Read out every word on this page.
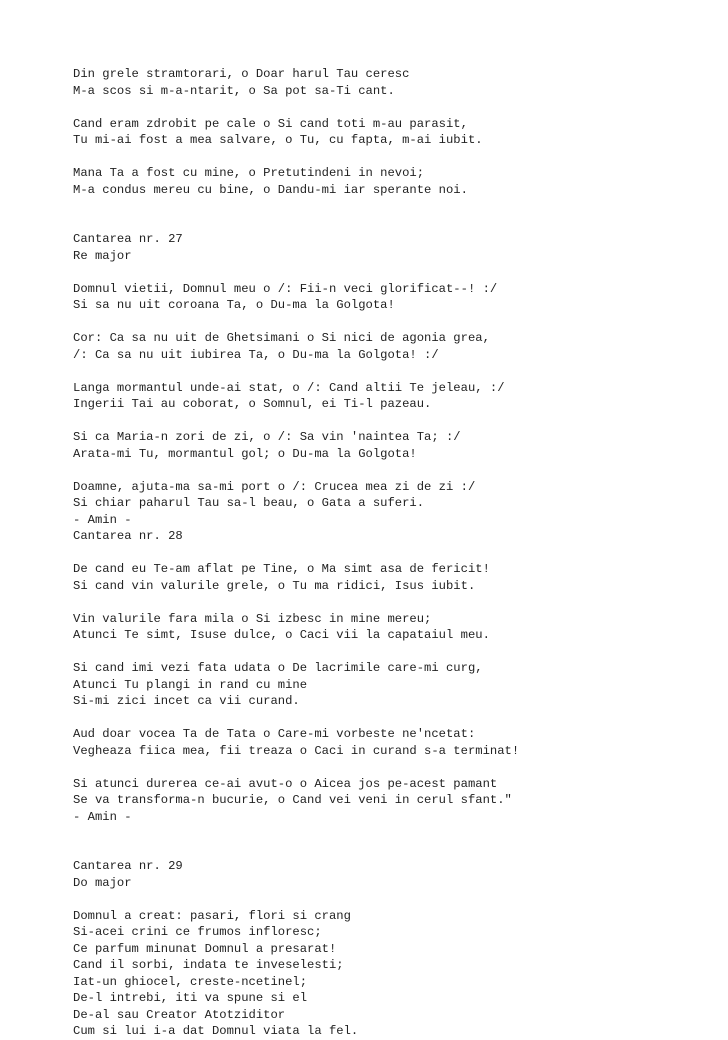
Din grele stramtorari, o Doar harul Tau ceresc
M-a scos si m-a-ntarit, o Sa pot sa-Ti cant.
Cand eram zdrobit pe cale o Si cand toti m-au parasit,
Tu mi-ai fost a mea salvare, o Tu, cu fapta, m-ai iubit.
Mana Ta a fost cu mine, o Pretutindeni in nevoi;
M-a condus mereu cu bine, o Dandu-mi iar sperante noi.
Cantarea nr. 27
Re major
Domnul vietii, Domnul meu o /: Fii-n veci glorificat--! :/
Si sa nu uit coroana Ta, o Du-ma la Golgota!
Cor: Ca sa nu uit de Ghetsimani o Si nici de agonia grea,
/: Ca sa nu uit iubirea Ta, o Du-ma la Golgota! :/
Langa mormantul unde-ai stat, o /: Cand altii Te jeleau, :/
Ingerii Tai au coborat, o Somnul, ei Ti-l pazeau.
Si ca Maria-n zori de zi, o /: Sa vin 'naintea Ta; :/
Arata-mi Tu, mormantul gol; o Du-ma la Golgota!
Doamne, ajuta-ma sa-mi port o /: Crucea mea zi de zi :/
Si chiar paharul Tau sa-l beau, o Gata a suferi.
- Amin -
Cantarea nr. 28
De cand eu Te-am aflat pe Tine, o Ma simt asa de fericit!
Si cand vin valurile grele, o Tu ma ridici, Isus iubit.
Vin valurile fara mila o Si izbesc in mine mereu;
Atunci Te simt, Isuse dulce, o Caci vii la capataiul meu.
Si cand imi vezi fata udata o De lacrimile care-mi curg,
Atunci Tu plangi in rand cu mine
Si-mi zici incet ca vii curand.
Aud doar vocea Ta de Tata o Care-mi vorbeste ne'ncetat:
Vegheaza fiica mea, fii treaza o Caci in curand s-a terminat!
Si atunci durerea ce-ai avut-o o Aicea jos pe-acest pamant
Se va transforma-n bucurie, o Cand vei veni in cerul sfant."
- Amin -
Cantarea nr. 29
Do major
Domnul a creat: pasari, flori si crang
Si-acei crini ce frumos infloresc;
Ce parfum minunat Domnul a presarat!
Cand il sorbi, indata te inveselesti;
Iat-un ghiocel, creste-ncetinel;
De-l intrebi, iti va spune si el
De-al sau Creator Atotziditor
Cum si lui i-a dat Domnul viata la fel.
